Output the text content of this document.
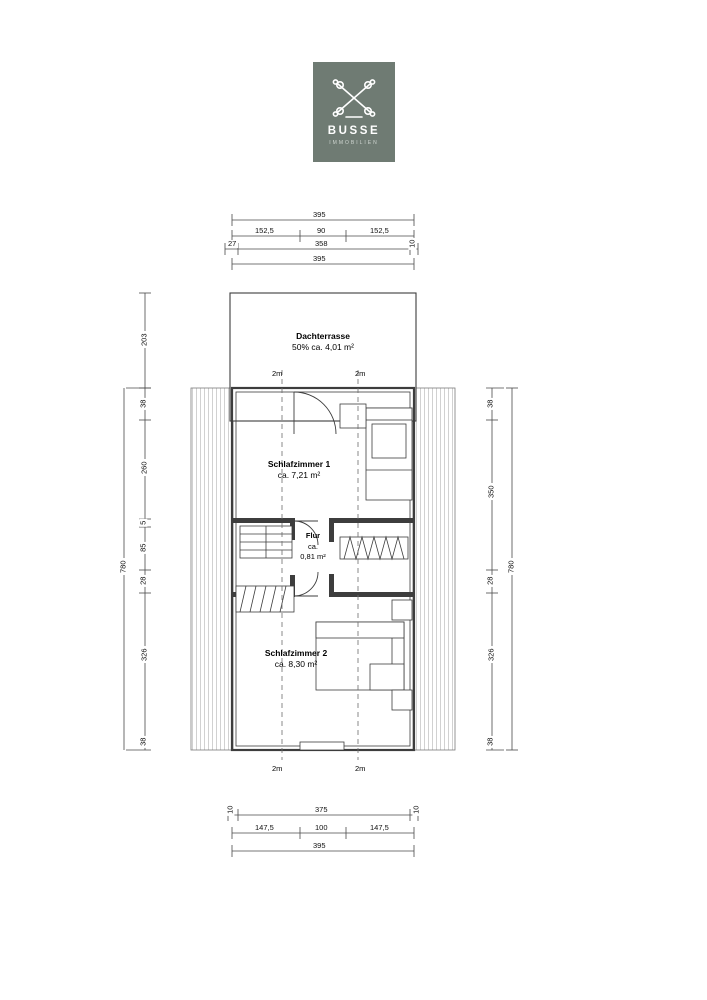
BUSSE
IMMOBILIEN
Dachterrasse
50% ca. 4,01 m²
Schlafzimmer 1
ca. 7,21 m²
Flur
ca.
0,81 m²
Schlafzimmer 2
ca. 8,30 m²
2m	2m
2m	2m
395
152,5	90	152,5
27	358	10
395
10	375	10
147,5	100	147,5
395
203
38
260
5
85
28
326
38
780
38
350
28
326
38
780
